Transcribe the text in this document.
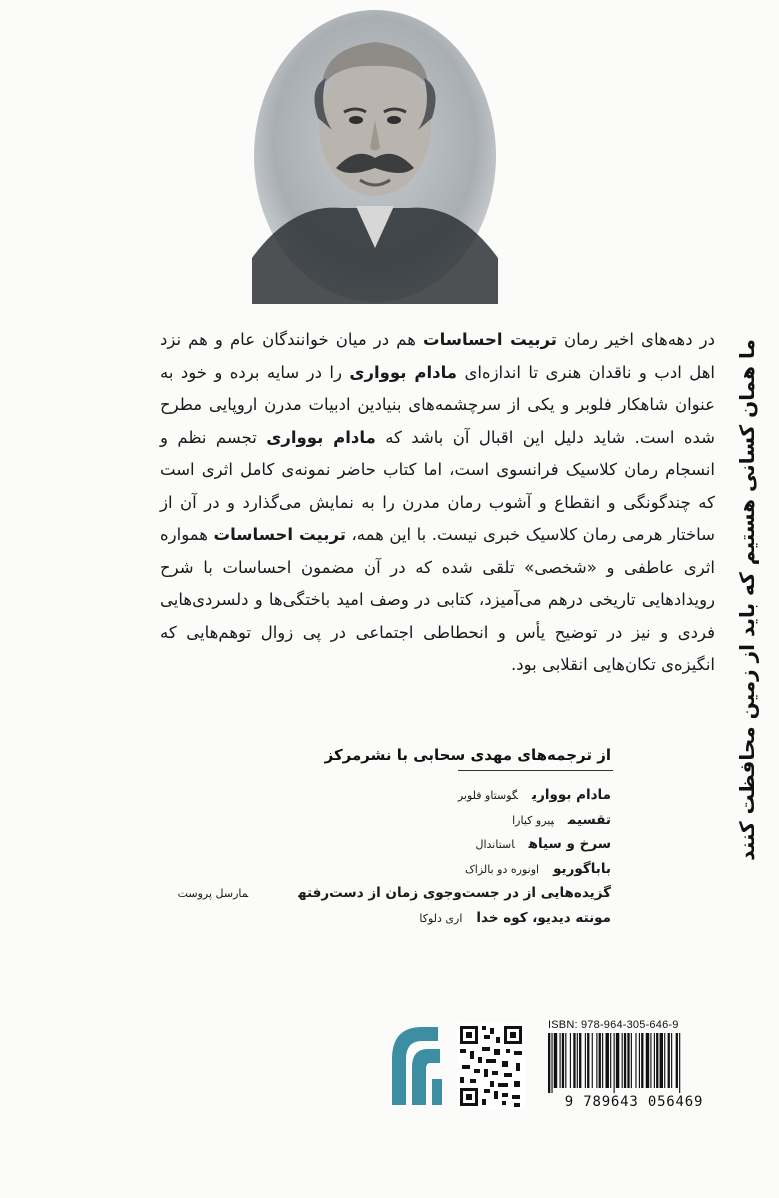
ما همان کسانی هستیم که باید از زمین محافظت کنند

در دهه‌های اخیر رمان تربیت احساسات هم در میان خوانندگان عام و هم نزد اهل ادب و ناقدان هنری تا اندازه‌ای مادام بوواری را در سایه برده و خود به عنوان شاهکار فلوبر و یکی از سرچشمه‌های بنیادین ادبیات مدرن اروپایی مطرح شده است. شاید دلیل این اقبال آن باشد که مادام بوواری تجسم نظم و انسجام رمان کلاسیک فرانسوی است، اما کتاب حاضر نمونه‌ی کامل اثری است که چندگونگی و انقطاع و آشوب رمان مدرن را به نمایش می‌گذارد و در آن از ساختار هرمی رمان کلاسیک خبری نیست. با این همه، تربیت احساسات همواره اثری عاطفی و «شخصی» تلقی شده که در آن مضمون احساسات با شرح رویدادهایی تاریخی درهم می‌آمیزد، کتابی در وصف امید باختگی‌ها و دلسردی‌هایی فردی و نیز در توضیح یأس و انحطاطی اجتماعی در پی زوال توهم‌هایی که انگیزه‌ی تکان‌هایی انقلابی بود.

از ترجمه‌های مهدی سحابی با نشرمرکز
مادام بوواریگوستاو فلوبر
تقسیمپیرو کیارا
سرخ و سیاهاستاندال
باباگوریواونوره دو بالزاک
گزیده‌هایی از در جست‌وجوی زمان از دست‌رفتهمارسل پروست
مونته دیدیو، کوه خدااری دلوکا
ISBN: 978-964-305-646-9
9 789643 056469
